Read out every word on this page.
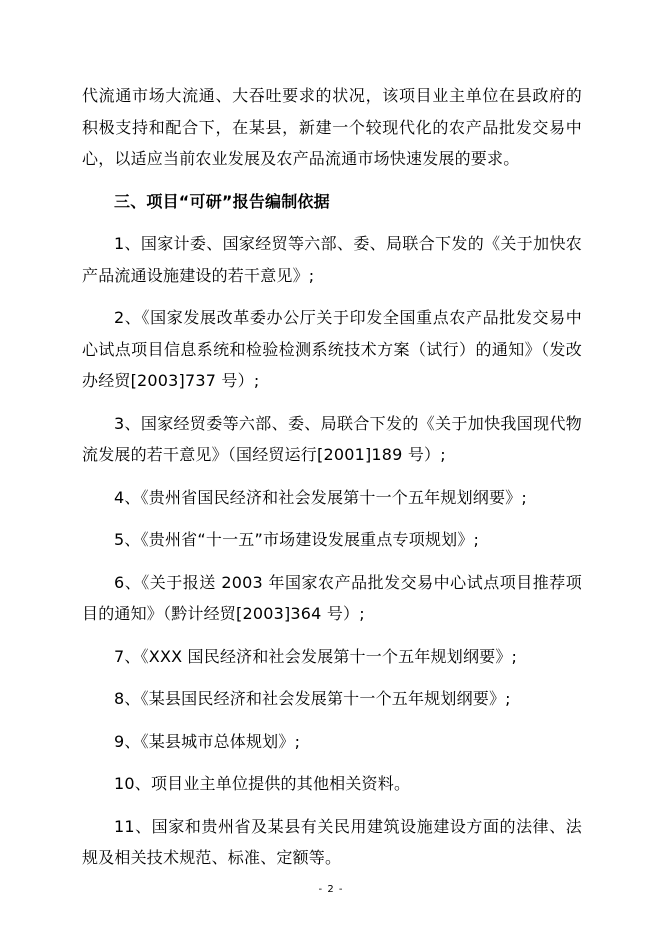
代流通市场大流通、大吞吐要求的状况，该项目业主单位在县政府的积极支持和配合下，在某县，新建一个较现代化的农产品批发交易中心，以适应当前农业发展及农产品流通市场快速发展的要求。

三、项目“可研”报告编制依据

1、国家计委、国家经贸等六部、委、局联合下发的《关于加快农产品流通设施建设的若干意见》;

2、《国家发展改革委办公厅关于印发全国重点农产品批发交易中心试点项目信息系统和检验检测系统技术方案（试行）的通知》（发改办经贸[2003]737 号）;

3、国家经贸委等六部、委、局联合下发的《关于加快我国现代物流发展的若干意见》（国经贸运行[2001]189 号）;

4、《贵州省国民经济和社会发展第十一个五年规划纲要》;

5、《贵州省“十一五”市场建设发展重点专项规划》;

6、《关于报送 2003 年国家农产品批发交易中心试点项目推荐项目的通知》（黔计经贸[2003]364 号）;

7、《XXX 国民经济和社会发展第十一个五年规划纲要》;

8、《某县国民经济和社会发展第十一个五年规划纲要》;

9、《某县城市总体规划》;

10、项目业主单位提供的其他相关资料。

11、国家和贵州省及某县有关民用建筑设施建设方面的法律、法规及相关技术规范、标准、定额等。

- 2 -
